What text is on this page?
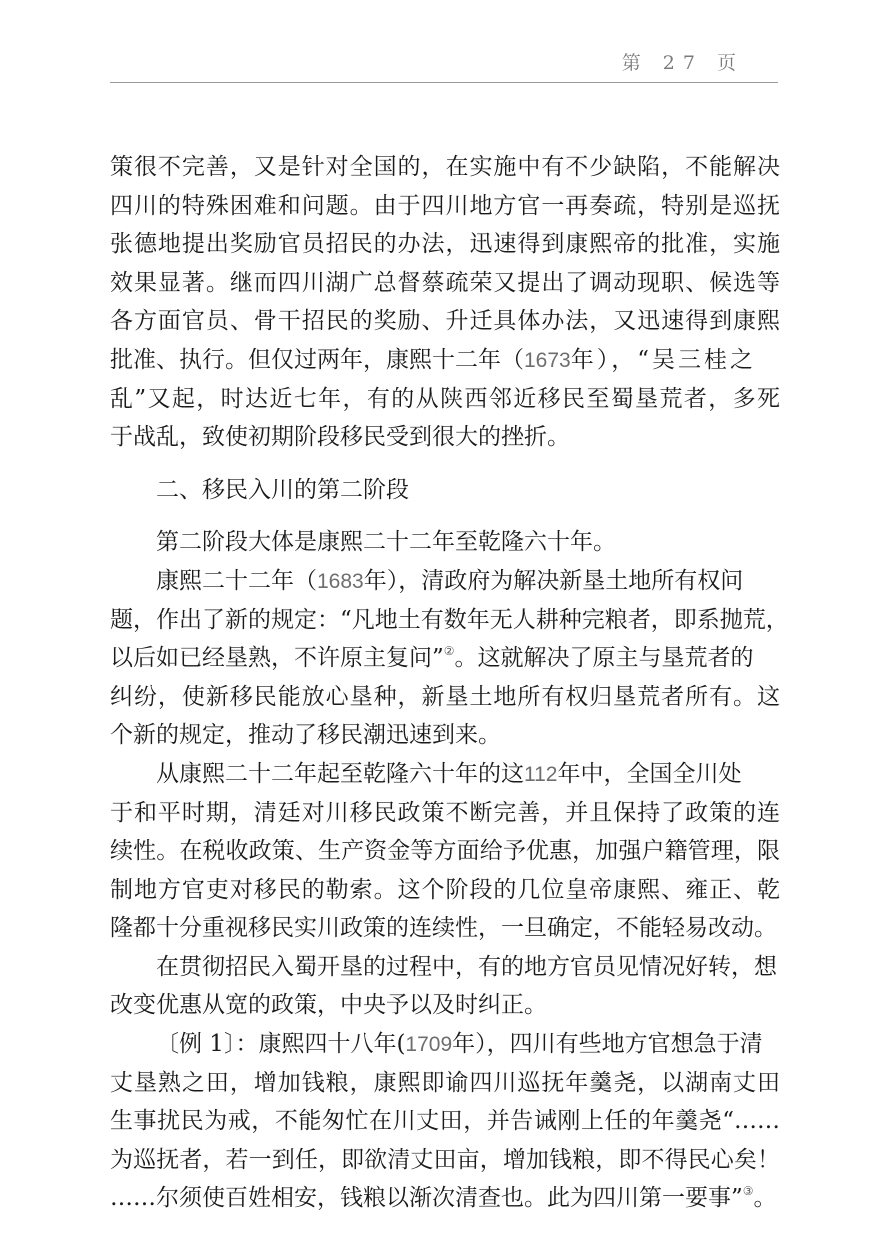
第 27 页
策很不完善，又是针对全国的，在实施中有不少缺陷，不能解决
四川的特殊困难和问题。由于四川地方官一再奏疏，特别是巡抚
张德地提出奖励官员招民的办法，迅速得到康熙帝的批准，实施
效果显著。继而四川湖广总督蔡疏荣又提出了调动现职、候选等
各方面官员、骨干招民的奖励、升迁具体办法，又迅速得到康熙
批准、执行。但仅过两年，康熙十二年（1673年），“吴三桂之
乱”又起，时达近七年，有的从陕西邻近移民至蜀垦荒者，多死
于战乱，致使初期阶段移民受到很大的挫折。
二、移民入川的第二阶段
第二阶段大体是康熙二十二年至乾隆六十年。
康熙二十二年（1683年），清政府为解决新垦土地所有权问
题，作出了新的规定：“凡地土有数年无人耕种完粮者，即系抛荒，
以后如已经垦熟，不许原主复问”②。这就解决了原主与垦荒者的
纠纷，使新移民能放心垦种，新垦土地所有权归垦荒者所有。这
个新的规定，推动了移民潮迅速到来。
从康熙二十二年起至乾隆六十年的这112年中，全国全川处
于和平时期，清廷对川移民政策不断完善，并且保持了政策的连
续性。在税收政策、生产资金等方面给予优惠，加强户籍管理，限
制地方官吏对移民的勒索。这个阶段的几位皇帝康熙、雍正、乾
隆都十分重视移民实川政策的连续性，一旦确定，不能轻易改动。
在贯彻招民入蜀开垦的过程中，有的地方官员见情况好转，想
改变优惠从宽的政策，中央予以及时纠正。
〔例 1〕：康熙四十八年(1709年），四川有些地方官想急于清
丈垦熟之田，增加钱粮，康熙即谕四川巡抚年羹尧，以湖南丈田
生事扰民为戒，不能匆忙在川丈田，并告诫刚上任的年羹尧“……
为巡抚者，若一到任，即欲清丈田亩，增加钱粮，即不得民心矣！
……尔须使百姓相安，钱粮以渐次清查也。此为四川第一要事”③。
